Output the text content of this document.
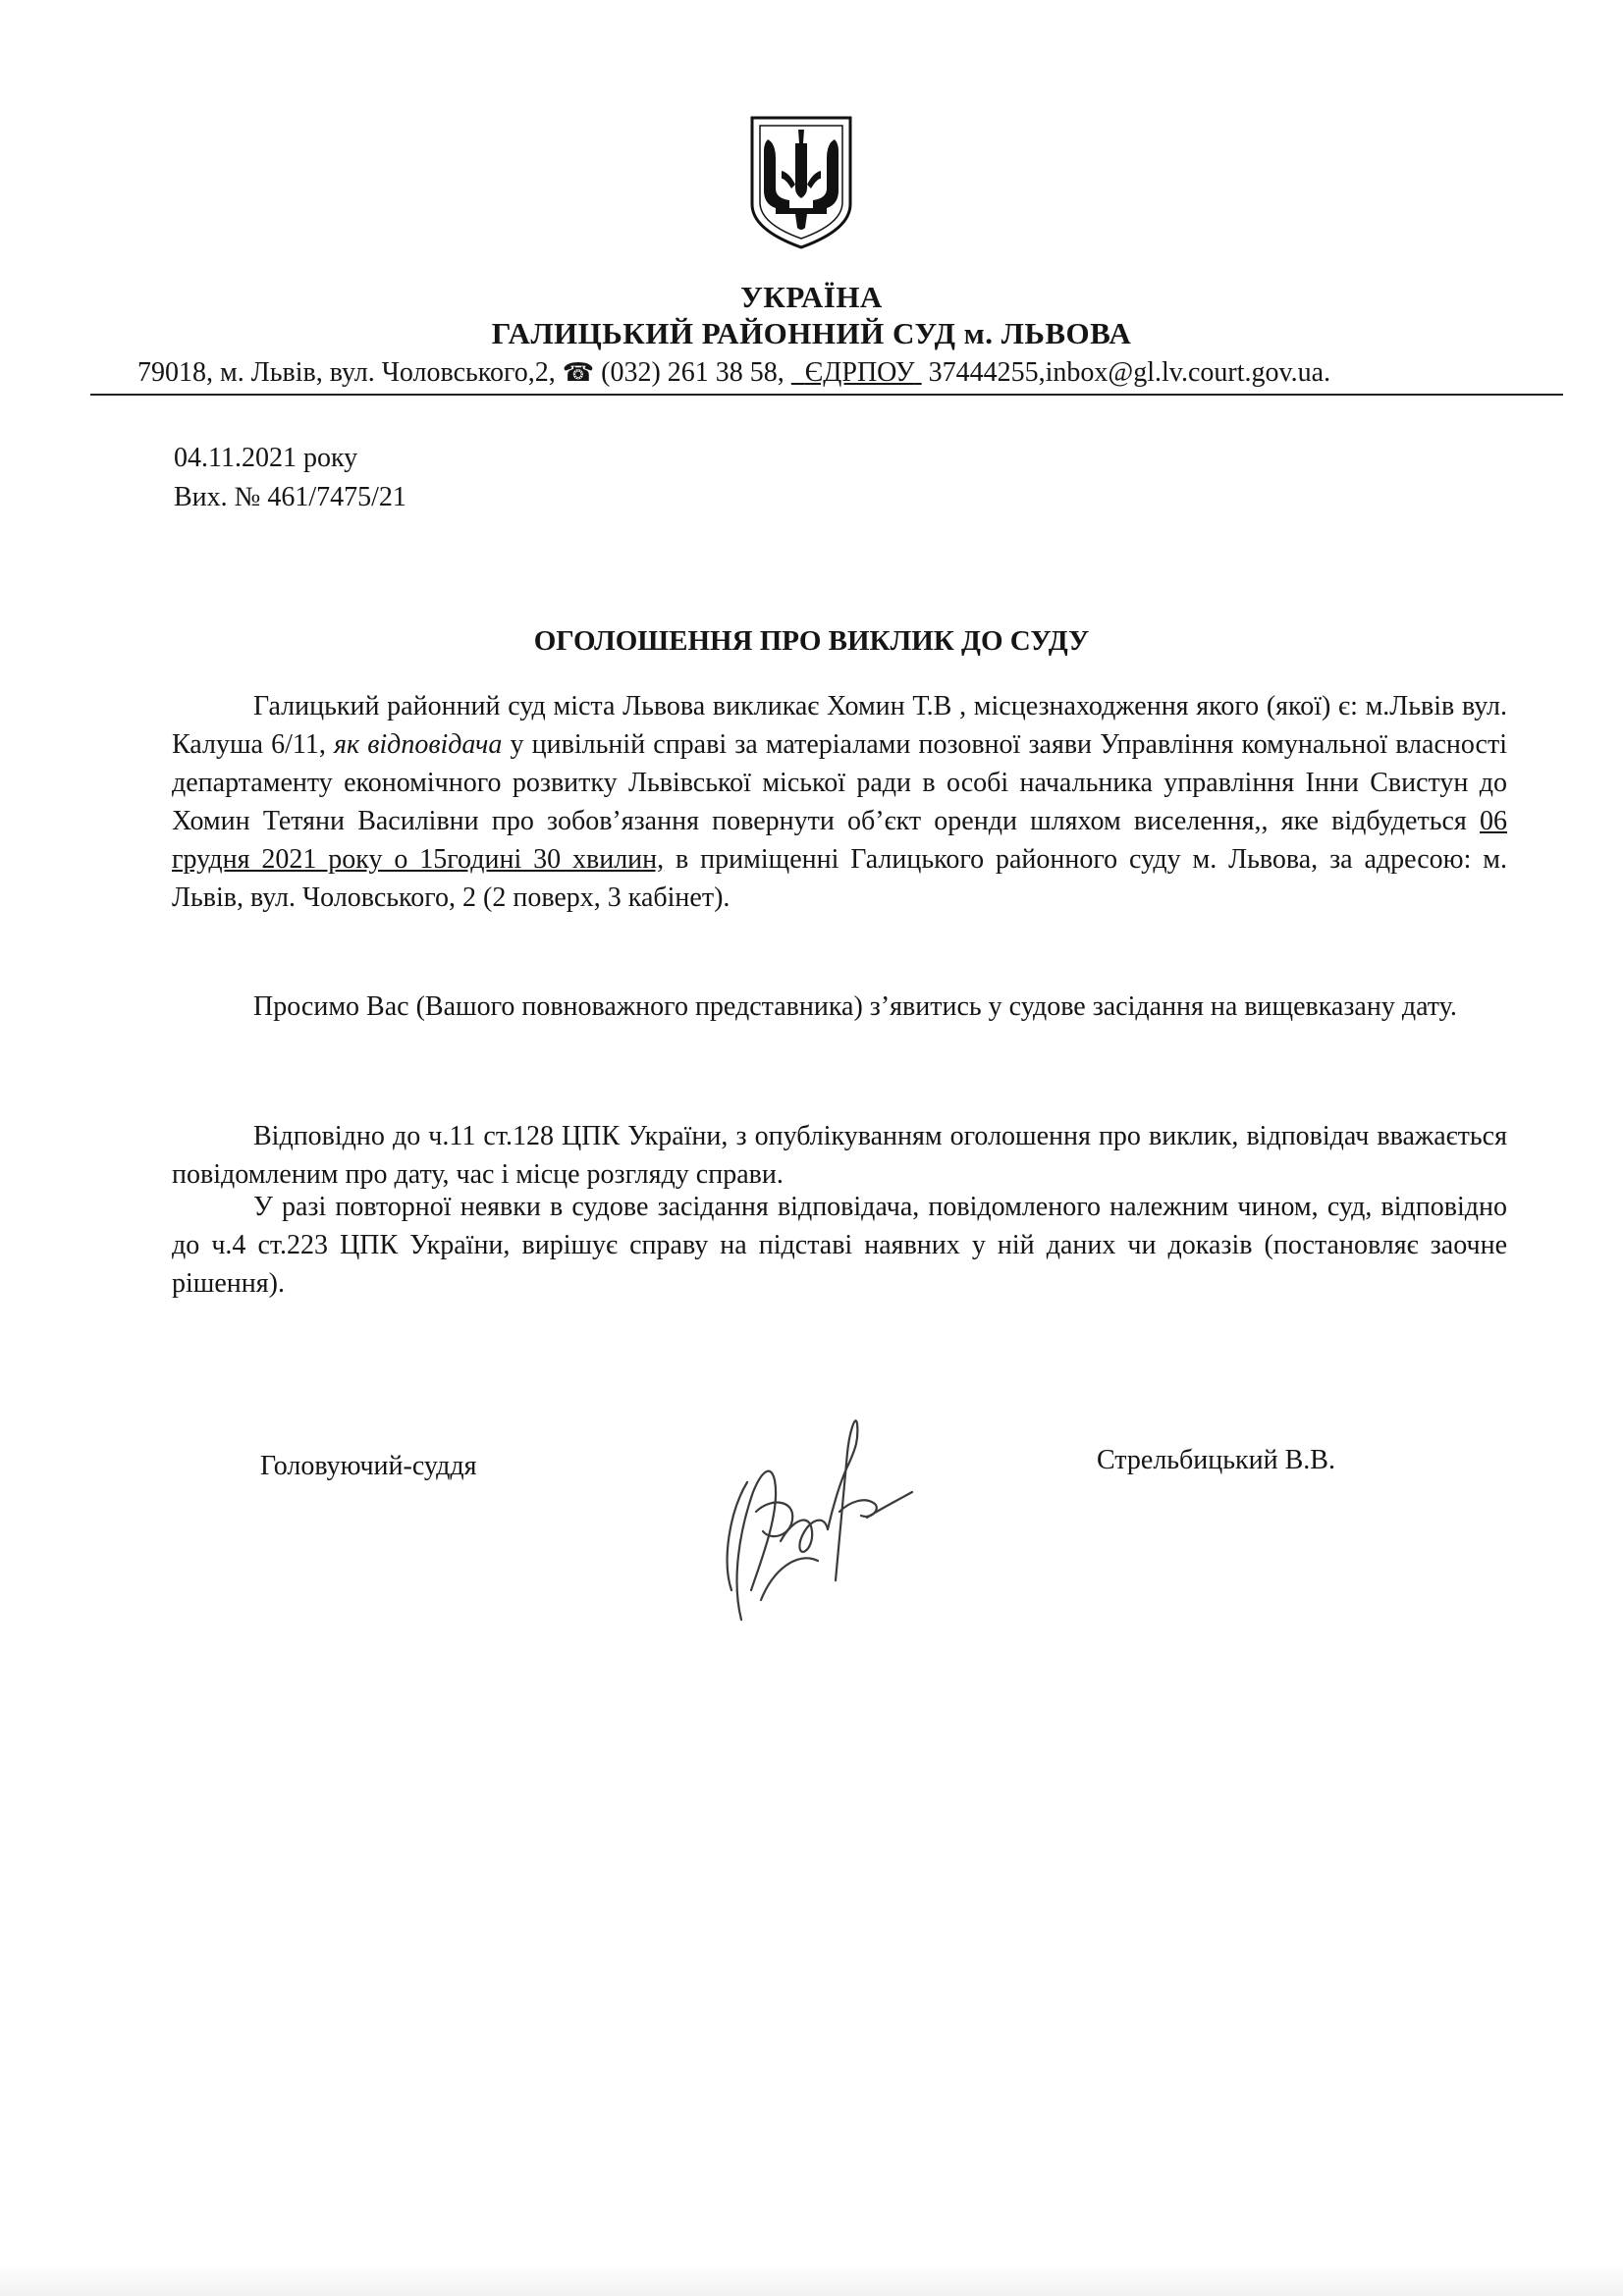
УКРАЇНА
ГАЛИЦЬКИЙ РАЙОННИЙ СУД м. ЛЬВОВА
79018, м. Львів, вул. Чоловського,2, ☎ (032) 261 38 58, ЄДРПОУ 37444255,inbox@gl.lv.court.gov.ua.
04.11.2021 року
Вих. № 461/7475/21
ОГОЛОШЕННЯ ПРО ВИКЛИК ДО СУДУ

Галицький районний суд міста Львова викликає Хомин Т.В , місцезнаходження якого (якої) є: м.Львів вул. Калуша 6/11, як відповідача у цивільній справі за матеріалами позовної заяви Управління комунальної власності департаменту економічного розвитку Львівської міської ради в особі начальника управління Інни Свистун до Хомин Тетяни Василівни про зобов’язання повернути об’єкт оренди шляхом виселення,, яке відбудеться 06 грудня 2021 року о 15годині 30 хвилин, в приміщенні Галицького районного суду м. Львова, за адресою: м. Львів, вул. Чоловського, 2 (2 поверх, 3 кабінет).

Просимо Вас (Вашого повноважного представника) з’явитись у судове засідання на вищевказану дату.

Відповідно до ч.11 ст.128 ЦПК України, з опублікуванням оголошення про виклик, відповідач вважається повідомленим про дату, час і місце розгляду справи.

У разі повторної неявки в судове засідання відповідача, повідомленого належним чином, суд, відповідно до ч.4 ст.223 ЦПК України, вирішує справу на підставі наявних у ній даних чи доказів (постановляє заочне рішення).

Головуючий-суддя	Стрельбицький В.В.
